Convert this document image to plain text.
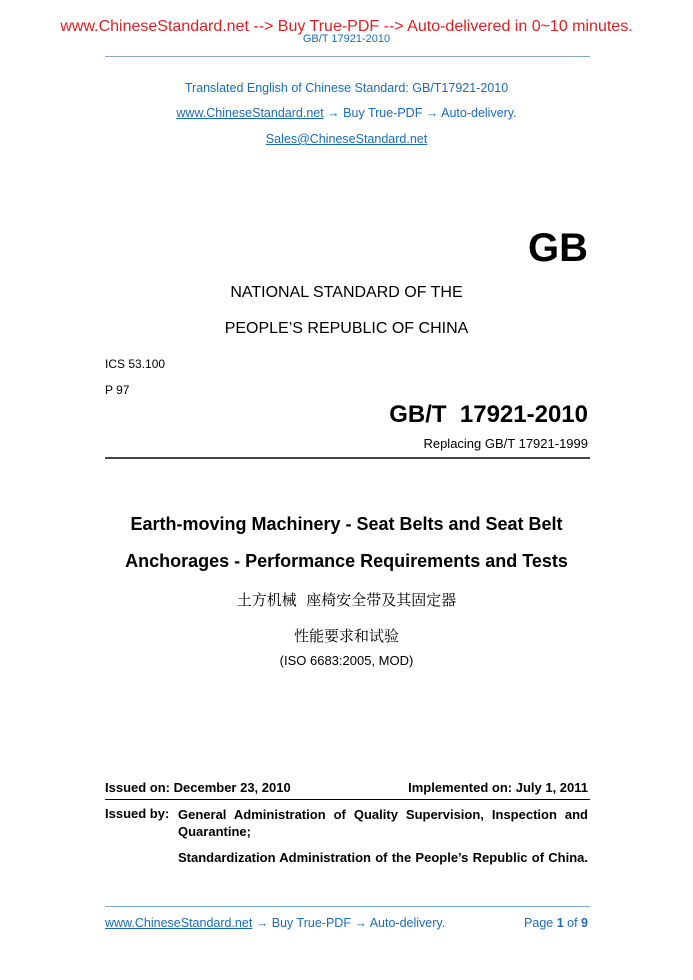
www.ChineseStandard.net --> Buy True-PDF --> Auto-delivered in 0~10 minutes.
GB/T 17921-2010
Translated English of Chinese Standard: GB/T17921-2010
www.ChineseStandard.net → Buy True-PDF → Auto-delivery.
Sales@ChineseStandard.net
GB
NATIONAL STANDARD OF THE
PEOPLE’S REPUBLIC OF CHINA
ICS 53.100
P 97
GB/T  17921-2010
Replacing GB/T 17921-1999
Earth-moving Machinery - Seat Belts and Seat Belt
Anchorages - Performance Requirements and Tests
土方机械  座椅安全带及其固定器
性能要求和试验
(ISO 6683:2005, MOD)
Issued on: December 23, 2010	Implemented on: July 1, 2011
Issued by: General Administration of Quality Supervision, Inspection and Quarantine;
Standardization Administration of the People’s Republic of China.
www.ChineseStandard.net → Buy True-PDF → Auto-delivery.	Page 1 of 9
